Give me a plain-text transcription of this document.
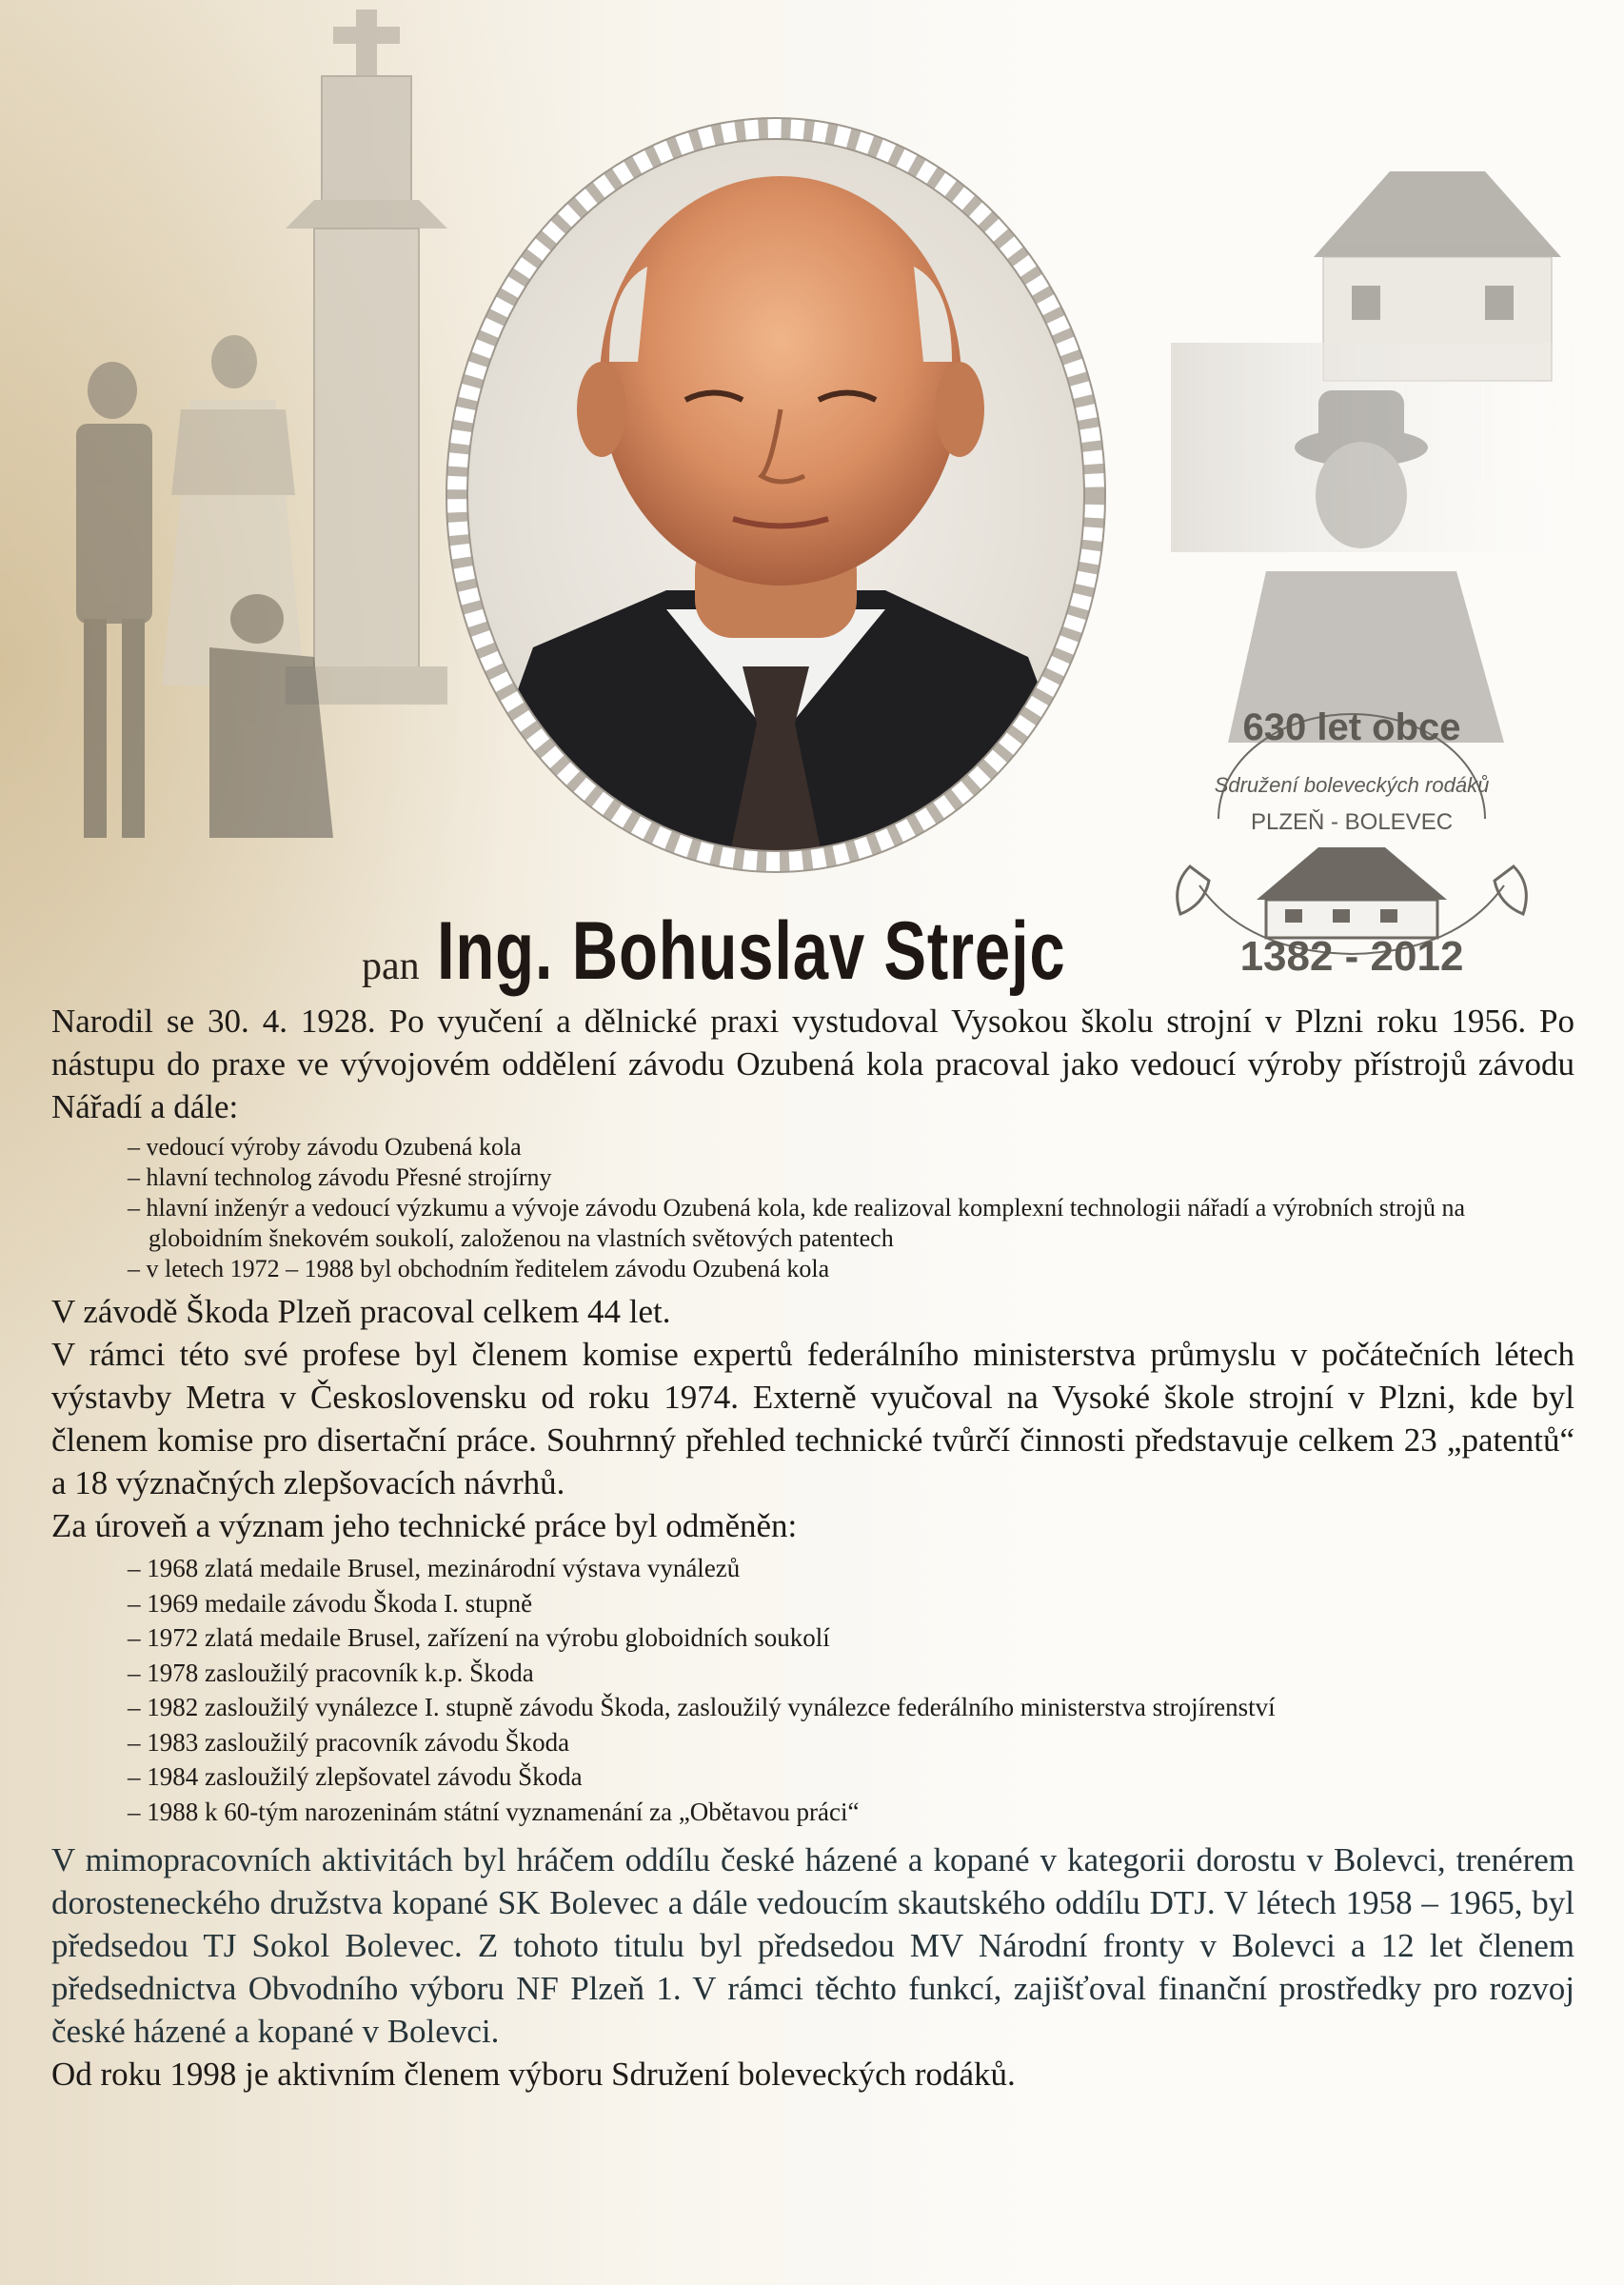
630 let obce
Sdružení boleveckých rodáků
PLZEŇ - BOLEVEC
1382 - 2012
pan Ing. Bohuslav Strejc

Narodil se 30. 4. 1928. Po vyučení a dělnické praxi vystudoval Vysokou školu strojní v Plzni roku 1956. Po nástupu do praxe ve vývojovém oddělení závodu Ozubená kola pracoval jako vedoucí výroby přístrojů závodu Nářadí a dále:

– vedoucí výroby závodu Ozubená kola
– hlavní technolog závodu Přesné strojírny
– hlavní inženýr a vedoucí výzkumu a vývoje závodu Ozubená kola, kde realizoval komplexní technologii nářadí a výrobních strojů na globoidním šnekovém soukolí, založenou na vlastních světových patentech
– v letech 1972 – 1988 byl obchodním ředitelem závodu Ozubená kola

V závodě Škoda Plzeň pracoval celkem 44 let.

V rámci této své profese byl členem komise expertů federálního ministerstva průmyslu v počátečních létech výstavby Metra v Československu od roku 1974. Externě vyučoval na Vysoké škole strojní v Plzni, kde byl členem komise pro disertační práce. Souhrnný přehled technické tvůrčí činnosti představuje celkem 23 „patentů“ a 18 význačných zlepšovacích návrhů.

Za úroveň a význam jeho technické práce byl odměněn:

– 1968 zlatá medaile Brusel, mezinárodní výstava vynálezů
– 1969 medaile závodu Škoda I. stupně
– 1972 zlatá medaile Brusel, zařízení na výrobu globoidních soukolí
– 1978 zasloužilý pracovník k.p. Škoda
– 1982 zasloužilý vynálezce I. stupně závodu Škoda, zasloužilý vynálezce federálního ministerstva strojírenství
– 1983 zasloužilý pracovník závodu Škoda
– 1984 zasloužilý zlepšovatel závodu Škoda
– 1988 k 60-tým narozeninám státní vyznamenání za „Obětavou práci“

V mimopracovních aktivitách byl hráčem oddílu české házené a kopané v kategorii dorostu v Bolevci, trenérem dorosteneckého družstva kopané SK Bolevec a dále vedoucím skautského oddílu DTJ. V létech 1958 – 1965, byl předsedou TJ Sokol Bolevec. Z tohoto titulu byl předsedou MV Národní fronty v Bolevci a 12 let členem předsednictva Obvodního výboru NF Plzeň 1. V rámci těchto funkcí, zajišťoval finanční prostředky pro rozvoj české házené a kopané v Bolevci.

Od roku 1998 je aktivním členem výboru Sdružení boleveckých rodáků.
